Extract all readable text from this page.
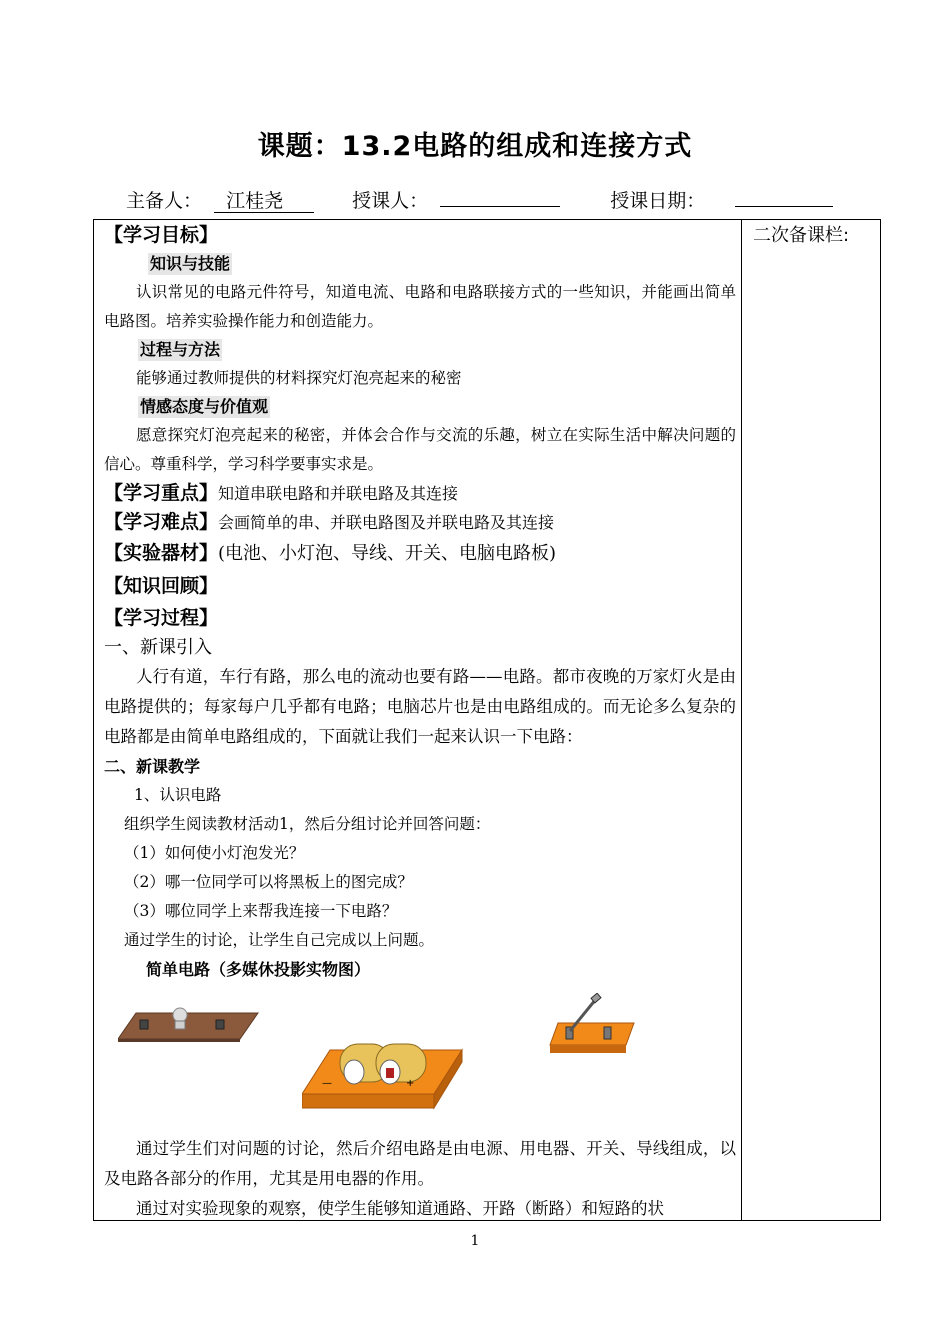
课题：13.2电路的组成和连接方式
主备人： 江桂尧	授课人：	授课日期：
二次备课栏:
【学习目标】
知识与技能

认识常见的电路元件符号，知道电流、电路和电路联接方式的一些知识，并能画出简单电路图。培养实验操作能力和创造能力。

过程与方法

能够通过教师提供的材料探究灯泡亮起来的秘密

情感态度与价值观

愿意探究灯泡亮起来的秘密，并体会合作与交流的乐趣，树立在实际生活中解决问题的信心。尊重科学，学习科学要事实求是。

【学习重点】知道串联电路和并联电路及其连接
【学习难点】会画简单的串、并联电路图及并联电路及其连接
【实验器材】(电池、小灯泡、导线、开关、电脑电路板)
【知识回顾】
【学习过程】
一、新课引入

人行有道，车行有路，那么电的流动也要有路——电路。都市夜晚的万家灯火是由电路提供的；每家每户几乎都有电路；电脑芯片也是由电路组成的。而无论多么复杂的电路都是由简单电路组成的，下面就让我们一起来认识一下电路：

二、新课教学
1、认识电路
组织学生阅读教材活动1，然后分组讨论并回答问题：
（1）如何使小灯泡发光？
（2）哪一位同学可以将黑板上的图完成？
（3）哪位同学上来帮我连接一下电路？
通过学生的讨论，让学生自己完成以上问题。
简单电路（多媒休投影实物图）

通过学生们对问题的讨论，然后介绍电路是由电源、用电器、开关、导线组成，以及电路各部分的作用，尤其是用电器的作用。

通过对实验现象的观察，使学生能够知道通路、开路（断路）和短路的状

—	+
1
